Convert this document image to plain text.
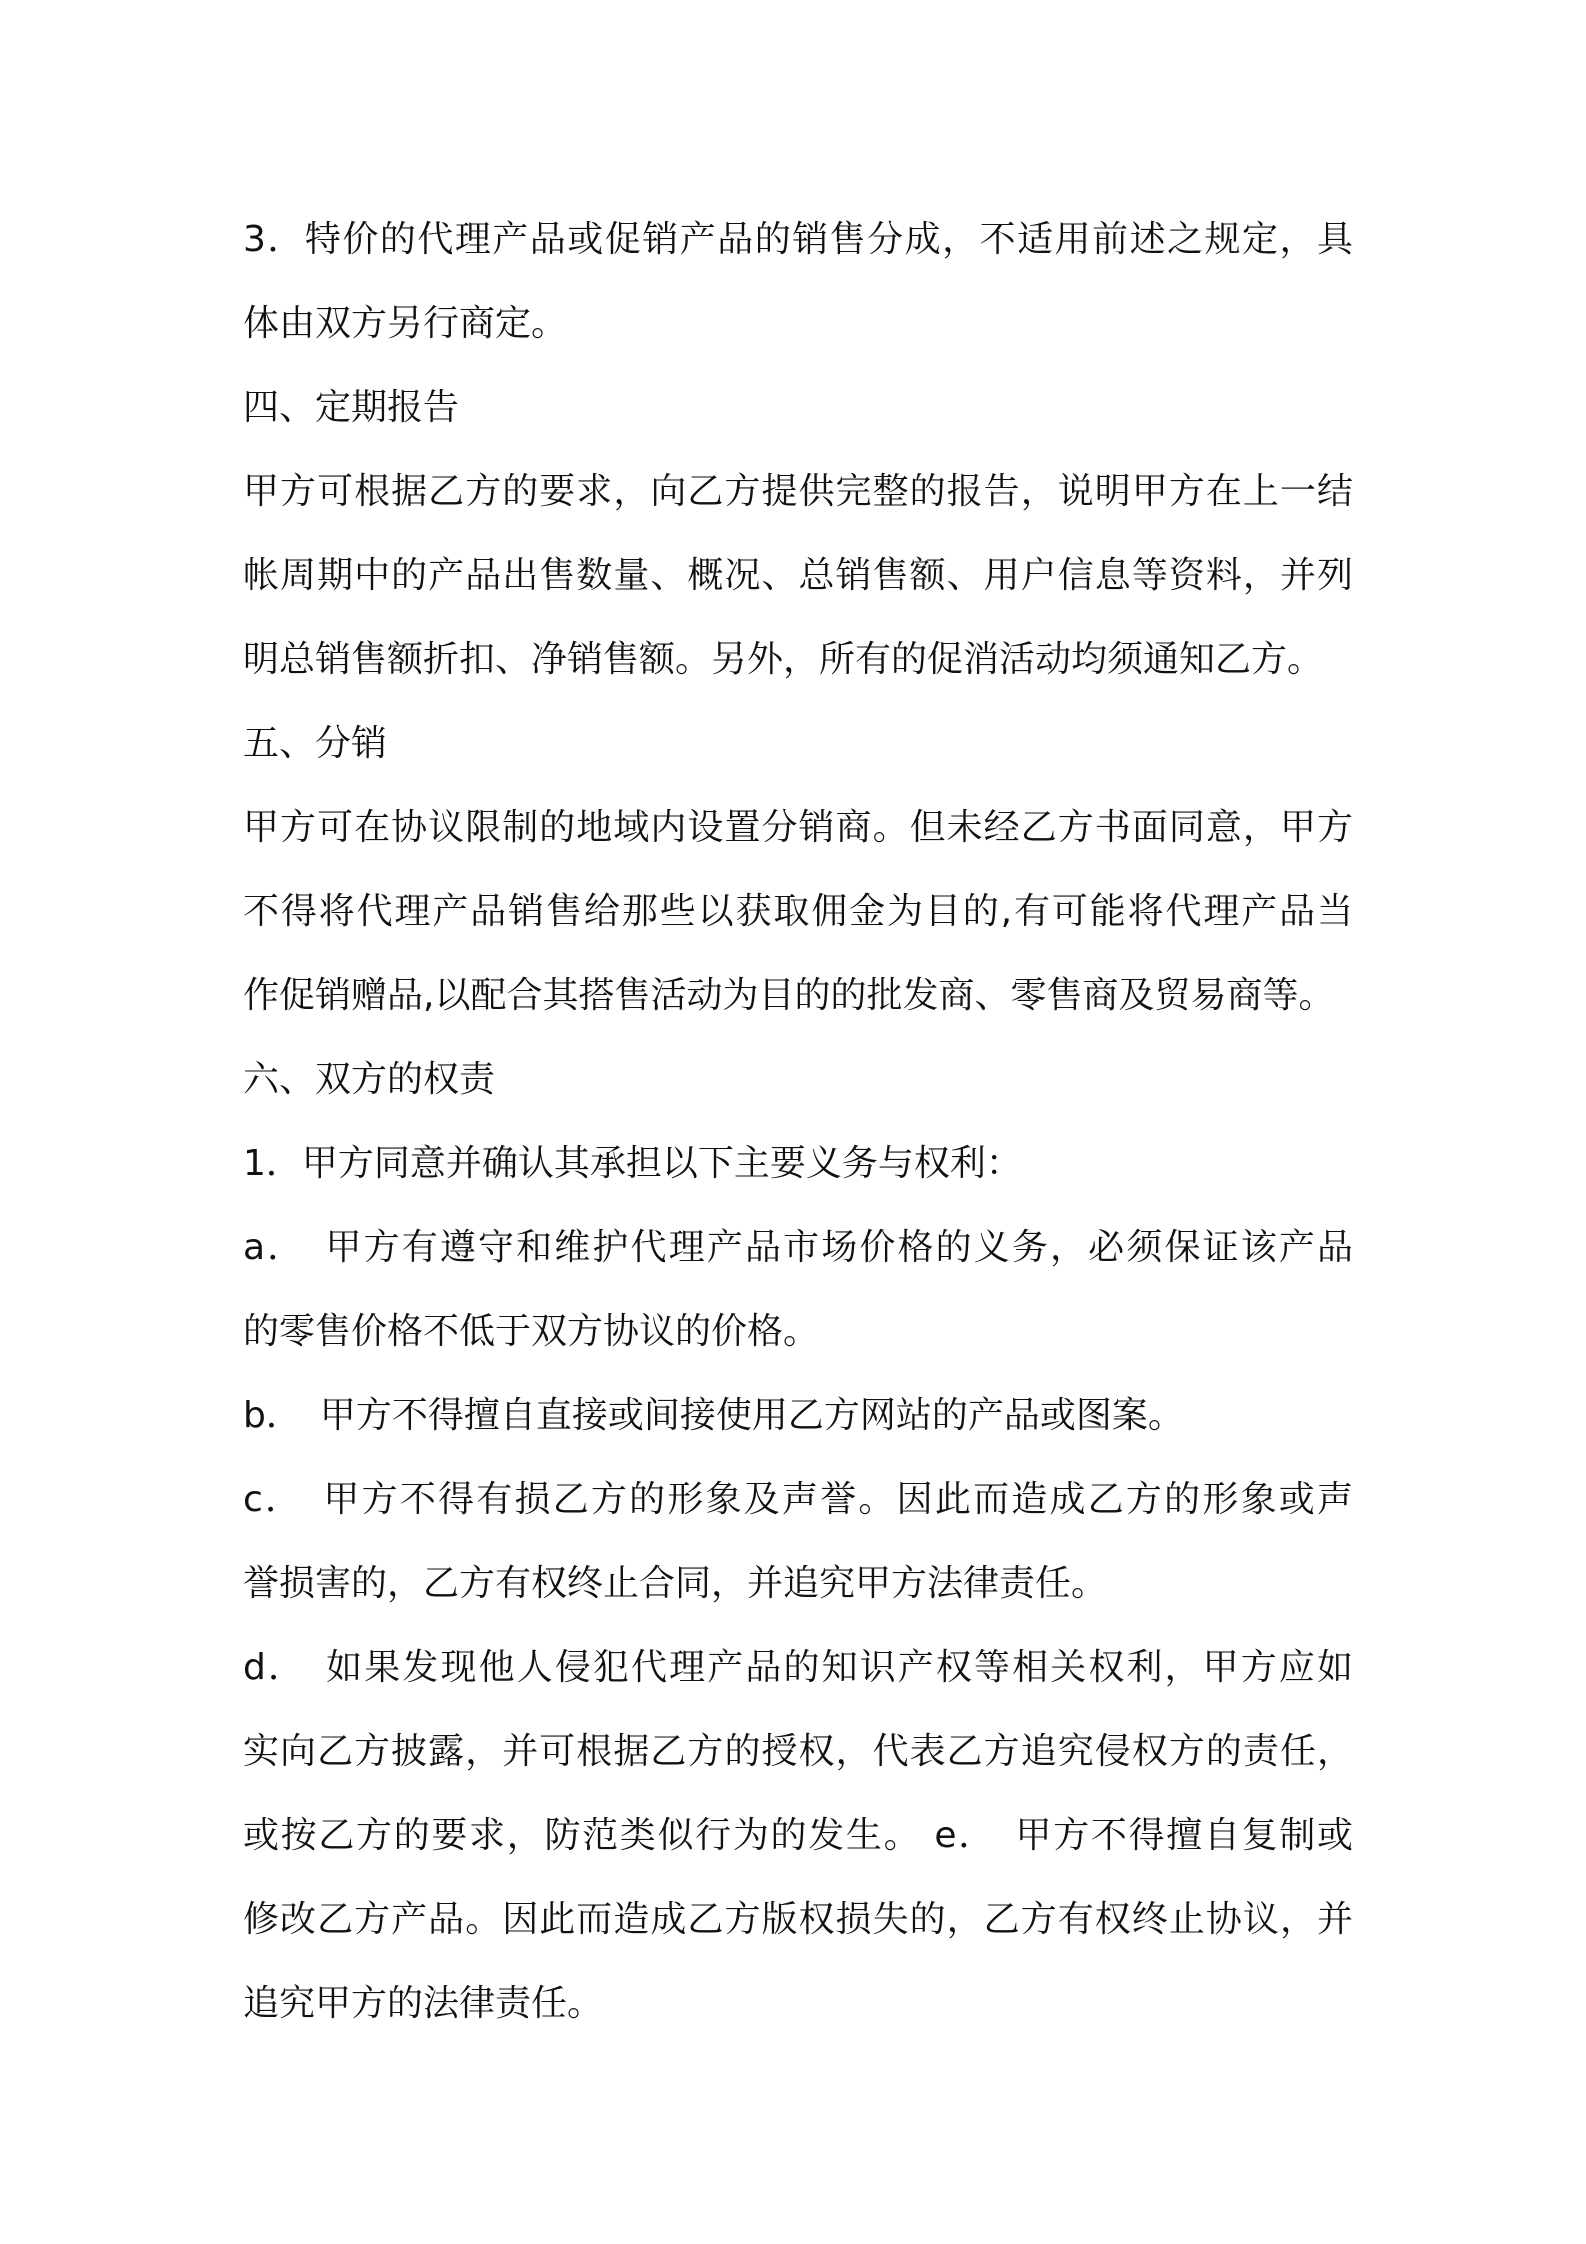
3．特价的代理产品或促销产品的销售分成，不适用前述之规定，具

体由双方另行商定。

四、定期报告

甲方可根据乙方的要求，向乙方提供完整的报告，说明甲方在上一结

帐周期中的产品出售数量、概况、总销售额、用户信息等资料，并列

明总销售额折扣、净销售额。另外，所有的促消活动均须通知乙方。

五、分销

甲方可在协议限制的地域内设置分销商。但未经乙方书面同意，甲方

不得将代理产品销售给那些以获取佣金为目的,有可能将代理产品当

作促销赠品,以配合其搭售活动为目的的批发商、零售商及贸易商等。

六、双方的权责

1．甲方同意并确认其承担以下主要义务与权利：

a．　甲方有遵守和维护代理产品市场价格的义务，必须保证该产品

的零售价格不低于双方协议的价格。

b．　甲方不得擅自直接或间接使用乙方网站的产品或图案。

c．　甲方不得有损乙方的形象及声誉。因此而造成乙方的形象或声

誉损害的，乙方有权终止合同，并追究甲方法律责任。

d．　如果发现他人侵犯代理产品的知识产权等相关权利，甲方应如

实向乙方披露，并可根据乙方的授权，代表乙方追究侵权方的责任，

或按乙方的要求，防范类似行为的发生。 e．　甲方不得擅自复制或

修改乙方产品。因此而造成乙方版权损失的，乙方有权终止协议，并

追究甲方的法律责任。
